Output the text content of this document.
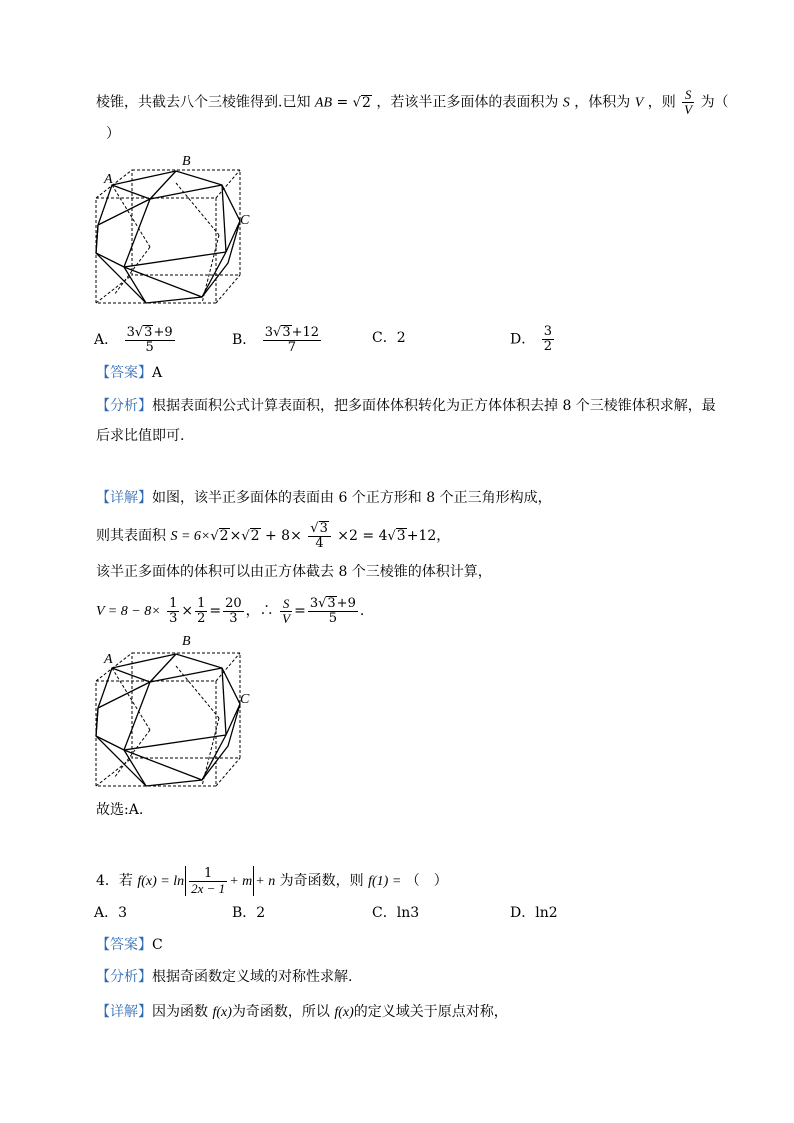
棱锥，共截去八个三棱锥得到.已知 AB = √2 ，若该半正多面体的表面积为 S ，体积为 V ，则 $\frac{S}{V}$ 为（
）
A
B
C
A． $\frac{3√3+9}{5}$	B． $\frac{3√3+12}{7}$	C．2	D． $\frac{3}{2}$
【答案】A
【分析】根据表面积公式计算表面积，把多面体体积转化为正方体体积去掉 8 个三棱锥体积求解，最
后求比值即可.
【详解】如图，该半正多面体的表面由 6 个正方形和 8 个正三角形构成，
则其表面积 $S = 6\times√2\times√2 + 8\times \frac{√3}{4} \times 2 = 4√3+12$，
该半正多面体的体积可以由正方体截去 8 个三棱锥的体积计算，
$V = 8 - 8\times \frac{1}{3} \times \frac{1}{2} = \frac{20}{3}$ ，∴ $\frac{S}{V} = \frac{3√3+9}{5}$ .
A
B
C
故选:A.
4．若 $f(x) = \ln \frac{1}{2x - 1} + m + n$ 为奇函数，则 f(1) = （　）
A．3	B．2	C．ln3	D．ln2
【答案】C
【分析】根据奇函数定义域的对称性求解.
【详解】因为函数 f(x)为奇函数，所以 f(x)的定义域关于原点对称，
